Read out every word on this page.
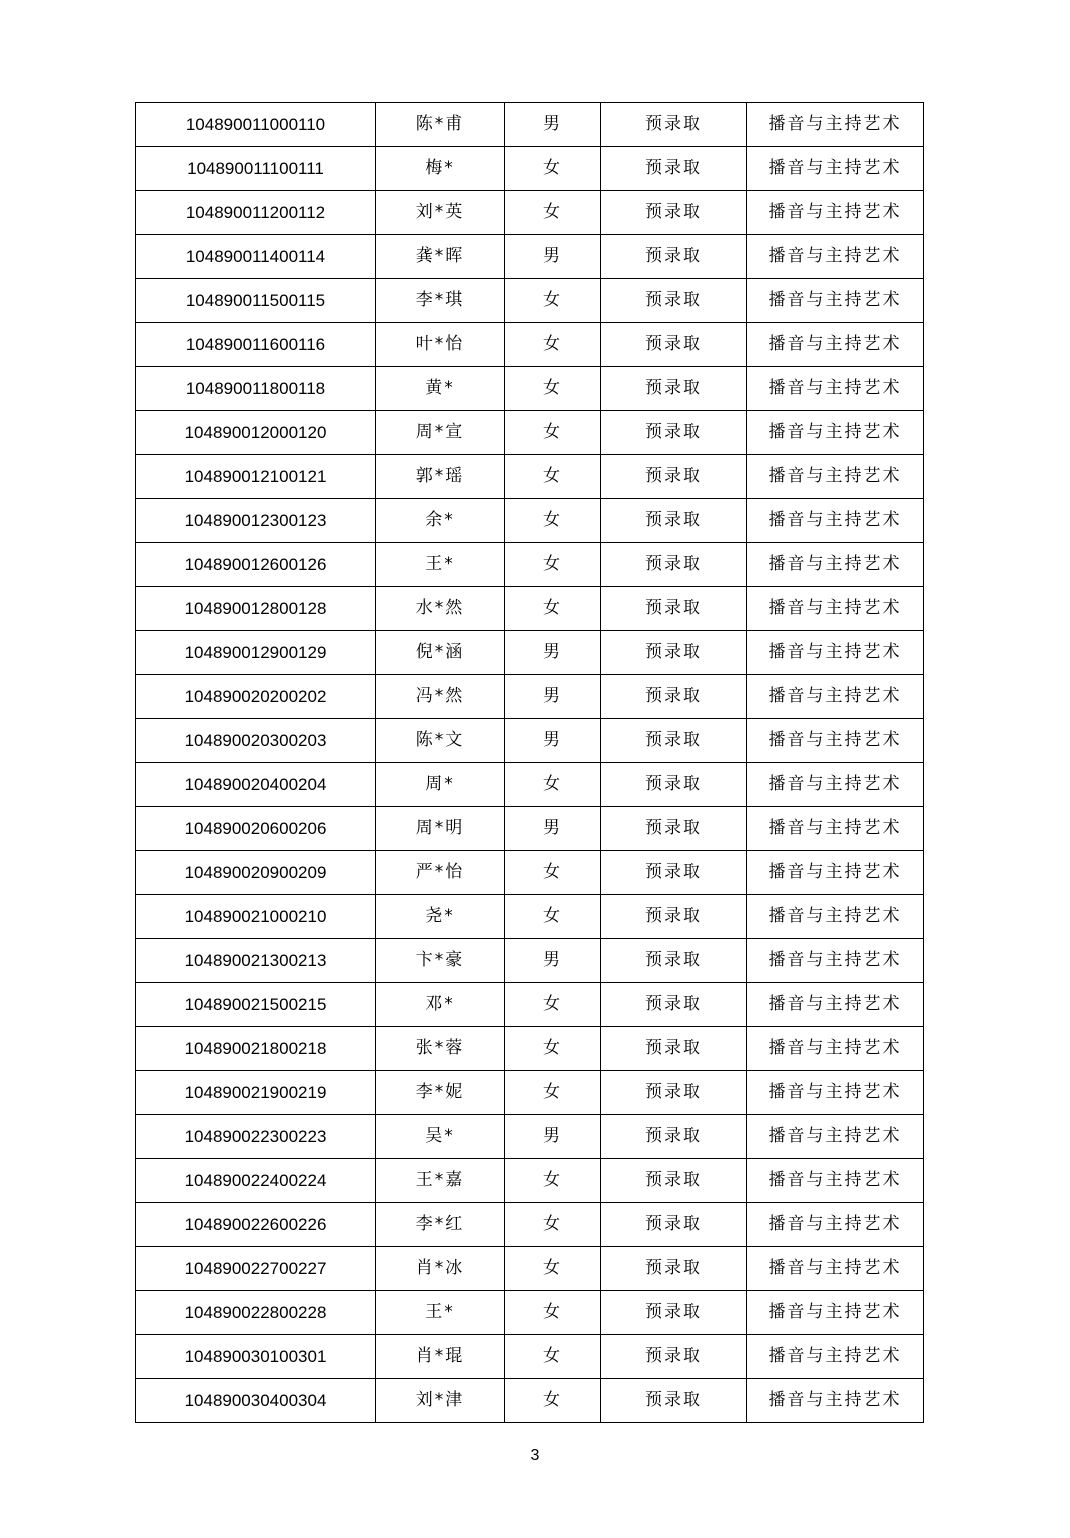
104890011000110	陈*甫	男	预录取	播音与主持艺术
104890011100111	梅*	女	预录取	播音与主持艺术
104890011200112	刘*英	女	预录取	播音与主持艺术
104890011400114	龚*晖	男	预录取	播音与主持艺术
104890011500115	李*琪	女	预录取	播音与主持艺术
104890011600116	叶*怡	女	预录取	播音与主持艺术
104890011800118	黄*	女	预录取	播音与主持艺术
104890012000120	周*宣	女	预录取	播音与主持艺术
104890012100121	郭*瑶	女	预录取	播音与主持艺术
104890012300123	余*	女	预录取	播音与主持艺术
104890012600126	王*	女	预录取	播音与主持艺术
104890012800128	水*然	女	预录取	播音与主持艺术
104890012900129	倪*涵	男	预录取	播音与主持艺术
104890020200202	冯*然	男	预录取	播音与主持艺术
104890020300203	陈*文	男	预录取	播音与主持艺术
104890020400204	周*	女	预录取	播音与主持艺术
104890020600206	周*明	男	预录取	播音与主持艺术
104890020900209	严*怡	女	预录取	播音与主持艺术
104890021000210	尧*	女	预录取	播音与主持艺术
104890021300213	卞*豪	男	预录取	播音与主持艺术
104890021500215	邓*	女	预录取	播音与主持艺术
104890021800218	张*蓉	女	预录取	播音与主持艺术
104890021900219	李*妮	女	预录取	播音与主持艺术
104890022300223	吴*	男	预录取	播音与主持艺术
104890022400224	王*嘉	女	预录取	播音与主持艺术
104890022600226	李*红	女	预录取	播音与主持艺术
104890022700227	肖*冰	女	预录取	播音与主持艺术
104890022800228	王*	女	预录取	播音与主持艺术
104890030100301	肖*琨	女	预录取	播音与主持艺术
104890030400304	刘*津	女	预录取	播音与主持艺术
3
